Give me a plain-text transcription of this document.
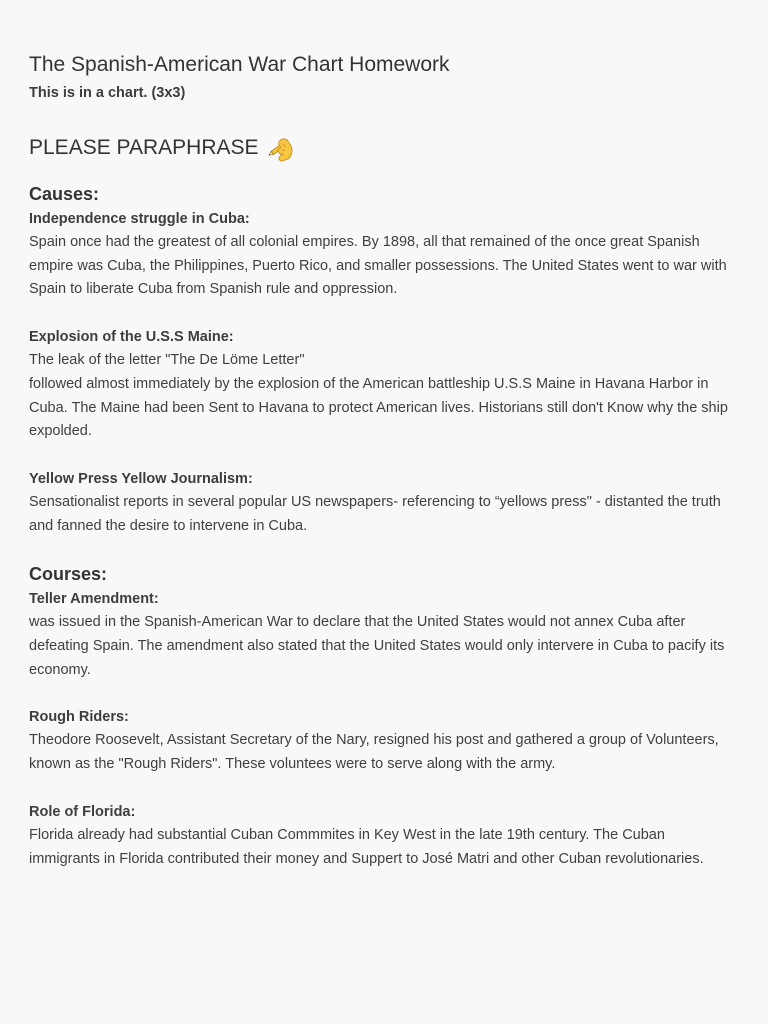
The Spanish-American War Chart Homework

This is in a chart. (3x3)

PLEASE PARAPHRASE
Causes:

Independence struggle in Cuba:

Spain once had the greatest of all colonial empires. By 1898, all that remained of the once great Spanish empire was Cuba, the Philippines, Puerto Rico, and smaller possessions. The United States went to war with Spain to liberate Cuba from Spanish rule and oppression.

Explosion of the U.S.S Maine:

The leak of the letter "The De Löme Letter"
followed almost immediately by the explosion of the American battleship U.S.S Maine in Havana Harbor in Cuba. The Maine had been Sent to Havana to protect American lives. Historians still don't Know why the ship expolded.

Yellow Press Yellow Journalism:

Sensationalist reports in several popular US newspapers- referencing to “yellows press" - distanted the truth and fanned the desire to intervene in Cuba.

Courses:

Teller Amendment:

was issued in the Spanish-American War to declare that the United States would not annex Cuba after defeating Spain. The amendment also stated that the United States would only intervere in Cuba to pacify its economy.

Rough Riders:

Theodore Roosevelt, Assistant Secretary of the Nary, resigned his post and gathered a group of Volunteers, known as the "Rough Riders". These voluntees were to serve along with the army.

Role of Florida:

Florida already had substantial Cuban Commmites in Key West in the late 19th century. The Cuban immigrants in Florida contributed their money and Suppert to José Matri and other Cuban revolutionaries.
